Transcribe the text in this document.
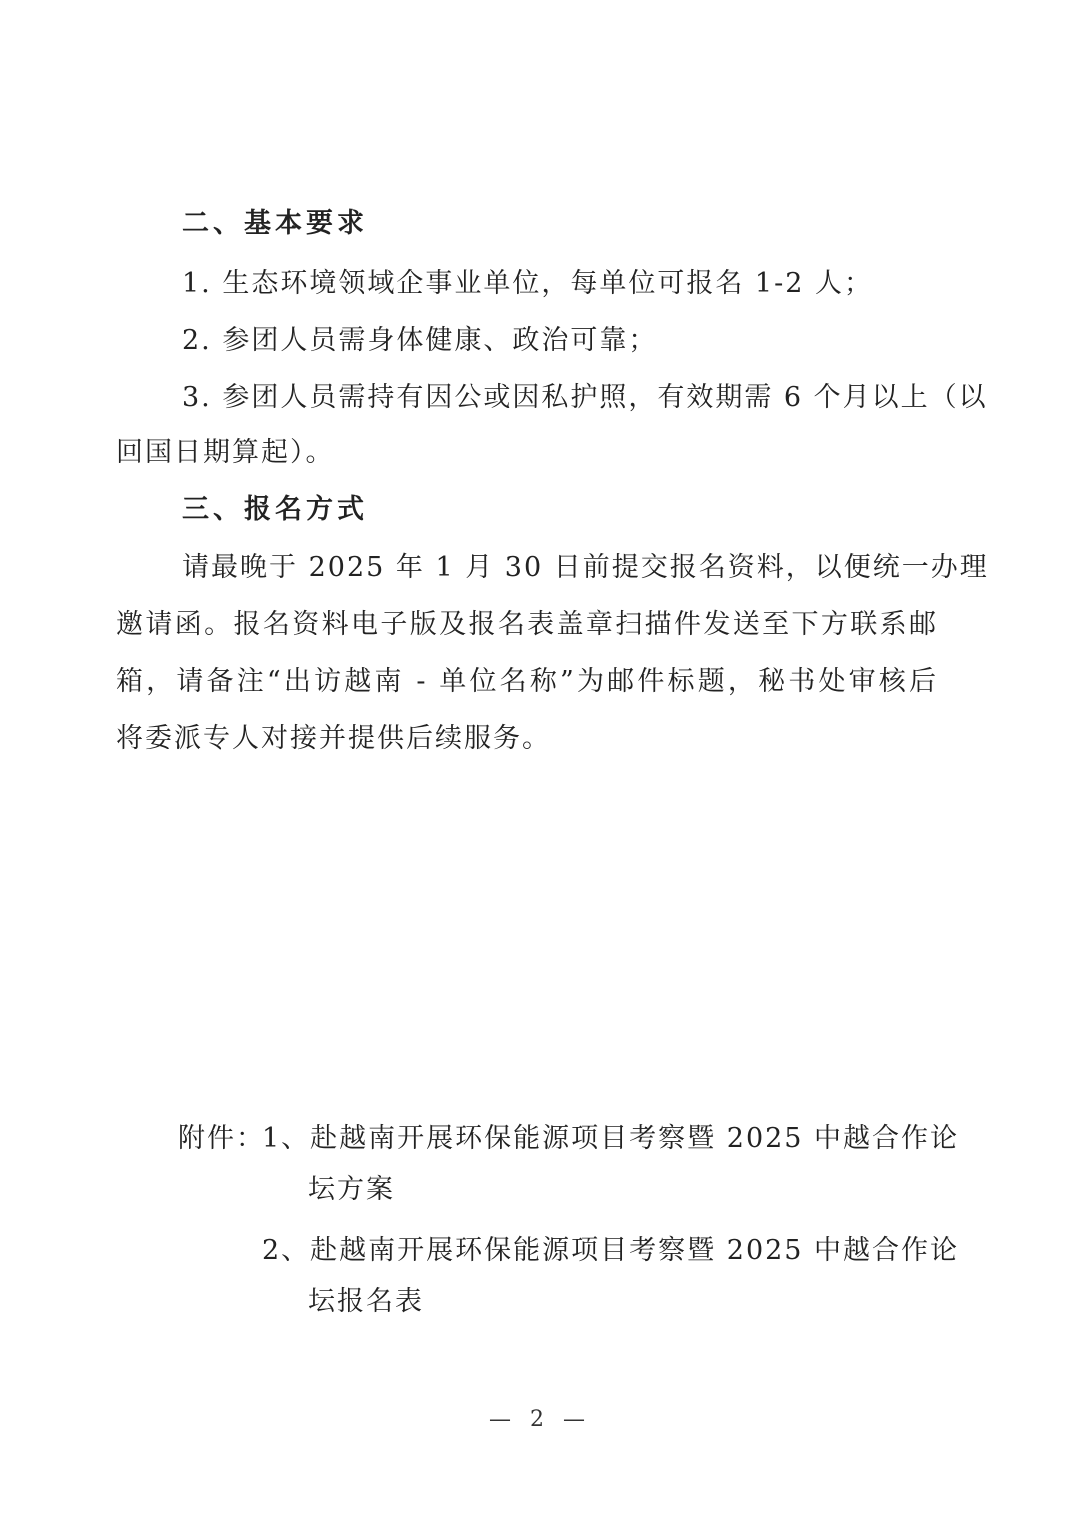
二、基本要求
1. 生态环境领域企事业单位，每单位可报名 1-2 人；
2. 参团人员需身体健康、政治可靠；
3. 参团人员需持有因公或因私护照，有效期需 6 个月以上（以
回国日期算起）。
三、报名方式
请最晚于 2025 年 1 月 30 日前提交报名资料，以便统一办理
邀请函。报名资料电子版及报名表盖章扫描件发送至下方联系邮
箱，请备注“出访越南 - 单位名称”为邮件标题，秘书处审核后
将委派专人对接并提供后续服务。
附件：
1、赴越南开展环保能源项目考察暨 2025 中越合作论
坛方案
2、赴越南开展环保能源项目考察暨 2025 中越合作论
坛报名表
— 2 —
